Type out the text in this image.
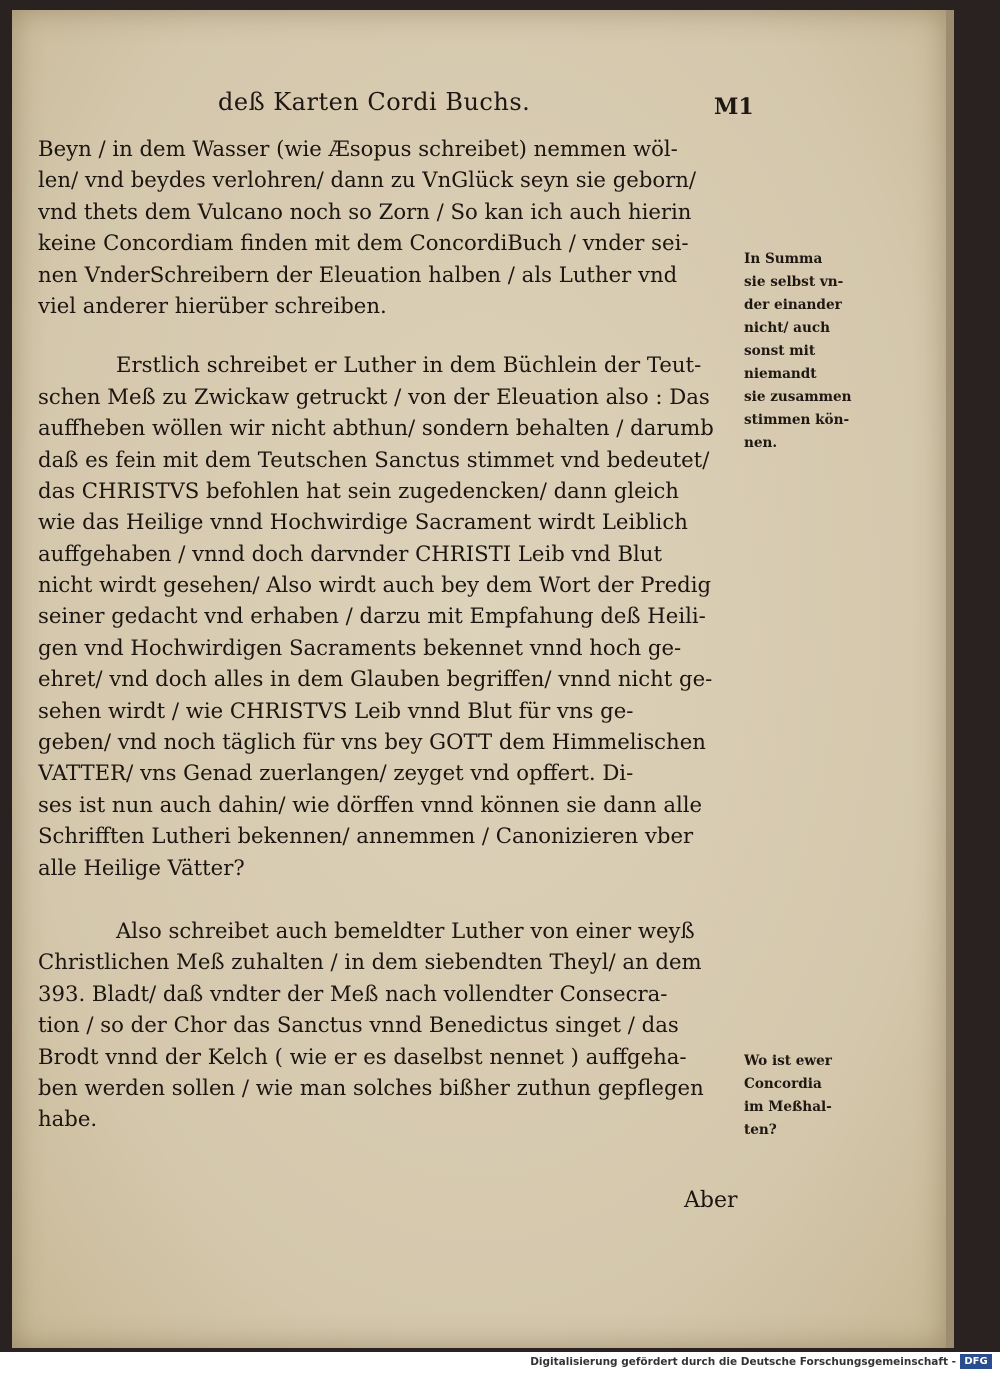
deß Karten Cordi Buchs.	M1
Beyn / in dem Wasser (wie Æsopus schreibet) nemmen wöl-
len/ vnd beydes verlohren/ dann zu VnGlück seyn sie geborn/
vnd thets dem Vulcano noch so Zorn / So kan ich auch hierin
keine Concordiam finden mit dem ConcordiBuch / vnder sei-
nen VnderSchreibern der Eleuation halben / als Luther vnd
viel anderer hierüber schreiben.
Erstlich schreibet er Luther in dem Büchlein der Teut-
schen Meß zu Zwickaw getruckt / von der Eleuation also : Das
auffheben wöllen wir nicht abthun/ sondern behalten / darumb
daß es fein mit dem Teutschen Sanctus stimmet vnd bedeutet/
das CHRISTVS befohlen hat sein zugedencken/ dann gleich
wie das Heilige vnnd Hochwirdige Sacrament wirdt Leiblich
auffgehaben / vnnd doch darvnder CHRISTI Leib vnd Blut
nicht wirdt gesehen/ Also wirdt auch bey dem Wort der Predig
seiner gedacht vnd erhaben / darzu mit Empfahung deß Heili-
gen vnd Hochwirdigen Sacraments bekennet vnnd hoch ge-
ehret/ vnd doch alles in dem Glauben begriffen/ vnnd nicht ge-
sehen wirdt / wie CHRISTVS Leib vnnd Blut für vns ge-
geben/ vnd noch täglich für vns bey GOTT dem Himmelischen
VATTER/ vns Genad zuerlangen/ zeyget vnd opffert. Di-
ses ist nun auch dahin/ wie dörffen vnnd können sie dann alle
Schrifften Lutheri bekennen/ annemmen / Canonizieren vber
alle Heilige Vätter?
Also schreibet auch bemeldter Luther von einer weyß
Christlichen Meß zuhalten / in dem siebendten Theyl/ an dem
393. Bladt/ daß vndter der Meß nach vollendter Consecra-
tion / so der Chor das Sanctus vnnd Benedictus singet / das
Brodt vnnd der Kelch ( wie er es daselbst nennet ) auffgeha-
ben werden sollen / wie man solches bißher zuthun gepflegen
habe.
In Summa
sie selbst vn-
der einander
nicht/ auch
sonst mit
niemandt
sie zusammen
stimmen kön-
nen.
Wo ist ewer
Concordia
im Meßhal-
ten?
Aber
Digitalisierung gefördert durch die Deutsche Forschungsgemeinschaft - DFG
